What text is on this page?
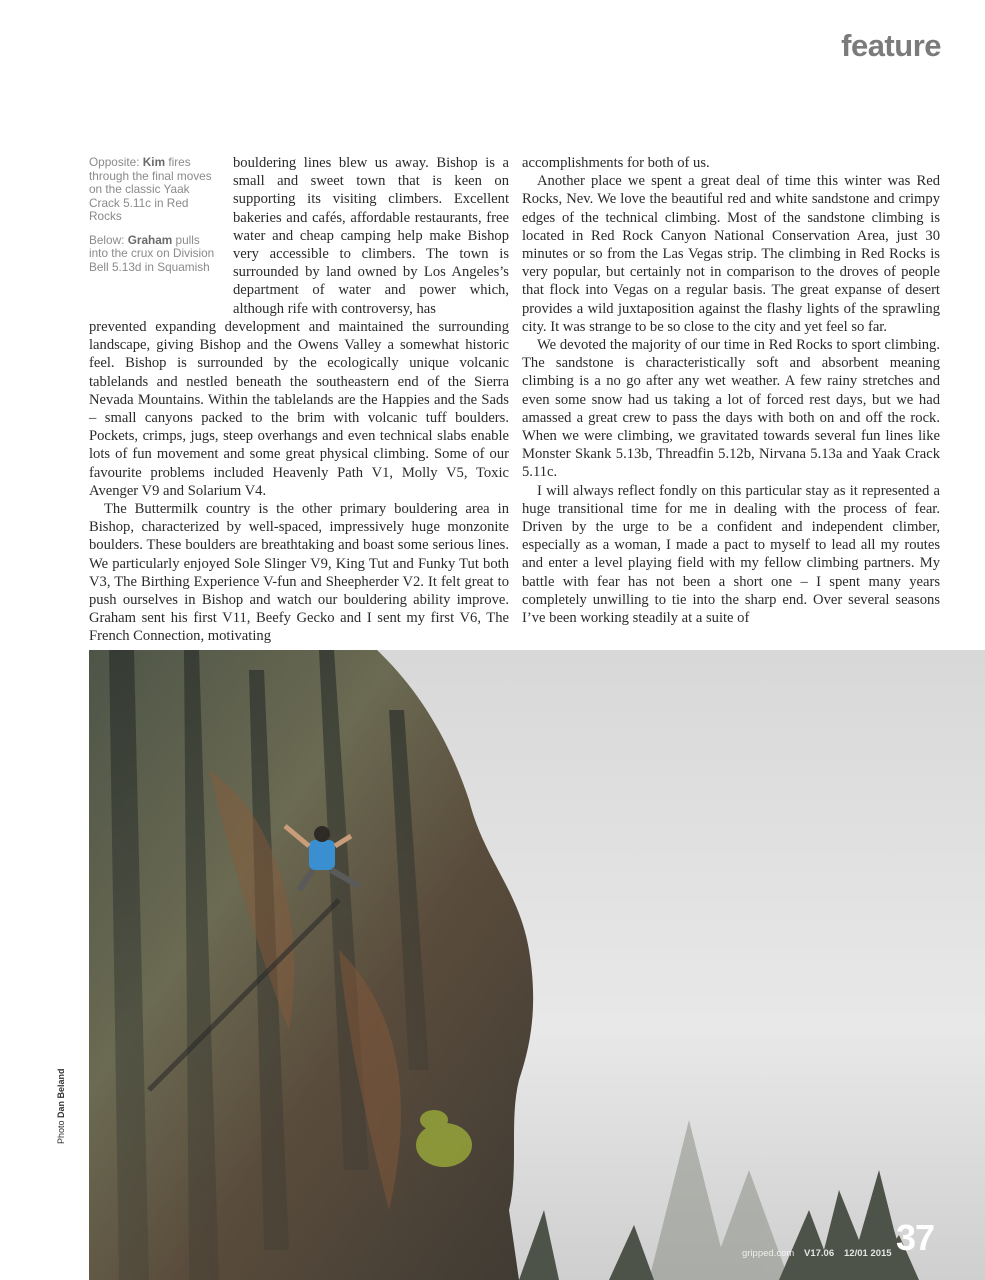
feature

Opposite: Kim fires through the final moves on the classic Yaak Crack 5.11c in Red Rocks

Below: Graham pulls into the crux on Division Bell 5.13d in Squamish

bouldering lines blew us away. Bishop is a small and sweet town that is keen on supporting its visiting climbers. Excellent bakeries and cafés, affordable restaurants, free water and cheap camping help make Bishop very accessible to climbers. The town is surrounded by land owned by Los Angeles’s department of water and power which, although rife with controversy, has

prevented expanding development and maintained the surrounding landscape, giving Bishop and the Owens Valley a somewhat historic feel. Bishop is surrounded by the ecologically unique volcanic tablelands and nestled beneath the southeastern end of the Sierra Nevada Mountains. Within the tablelands are the Happies and the Sads – small canyons packed to the brim with volcanic tuff boulders. Pockets, crimps, jugs, steep overhangs and even technical slabs enable lots of fun movement and some great physical climbing. Some of our favourite problems included Heavenly Path V1, Molly V5, Toxic Avenger V9 and Solarium V4.

The Buttermilk country is the other primary bouldering area in Bishop, characterized by well-spaced, impressively huge monzonite boulders. These boulders are breathtaking and boast some serious lines. We particularly enjoyed Sole Slinger V9, King Tut and Funky Tut both V3, The Birthing Experience V-fun and Sheepherder V2. It felt great to push ourselves in Bishop and watch our bouldering ability improve. Graham sent his first V11, Beefy Gecko and I sent my first V6, The French Connection, motivating

accomplishments for both of us.

Another place we spent a great deal of time this winter was Red Rocks, Nev. We love the beautiful red and white sandstone and crimpy edges of the technical climbing. Most of the sandstone climbing is located in Red Rock Canyon National Conservation Area, just 30 minutes or so from the Las Vegas strip. The climbing in Red Rocks is very popular, but certainly not in comparison to the droves of people that flock into Vegas on a regular basis. The great expanse of desert provides a wild juxtaposition against the flashy lights of the sprawling city. It was strange to be so close to the city and yet feel so far.

We devoted the majority of our time in Red Rocks to sport climbing. The sandstone is characteristically soft and absorbent meaning climbing is a no go after any wet weather. A few rainy stretches and even some snow had us taking a lot of forced rest days, but we had amassed a great crew to pass the days with both on and off the rock. When we were climbing, we gravitated towards several fun lines like Monster Skank 5.13b, Threadfin 5.12b, Nirvana 5.13a and Yaak Crack 5.11c.

I will always reflect fondly on this particular stay as it represented a huge transitional time for me in dealing with the process of fear. Driven by the urge to be a confident and independent climber, especially as a woman, I made a pact to myself to lead all my routes and enter a level playing field with my fellow climbing partners. My battle with fear has not been a short one – I spent many years completely unwilling to tie into the sharp end. Over several seasons I’ve been working steadily at a suite of

Photo Dan Beland
gripped.com V17.06 12/01 2015 37
